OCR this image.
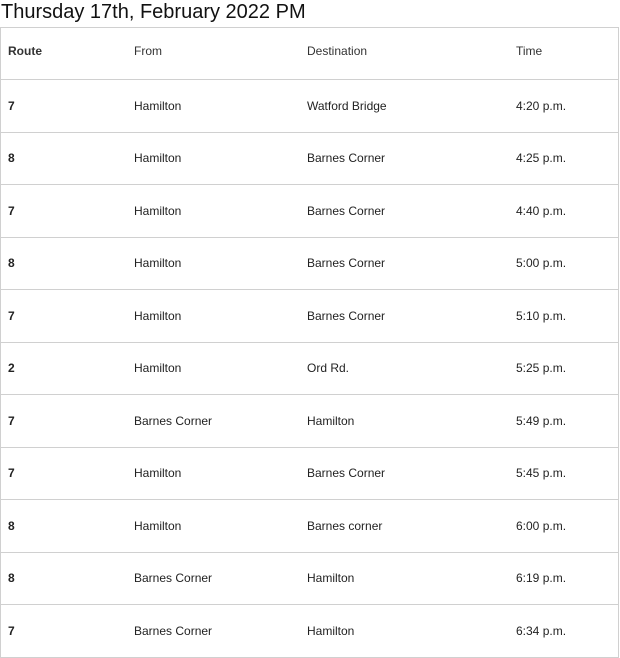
Thursday 17th, February 2022 PM
Route	From	Destination	Time

7	Hamilton	Watford Bridge	4:20 p.m.
8	Hamilton	Barnes Corner	4:25 p.m.
7	Hamilton	Barnes Corner	4:40 p.m.
8	Hamilton	Barnes Corner	5:00 p.m.
7	Hamilton	Barnes Corner	5:10 p.m.
2	Hamilton	Ord Rd.	5:25 p.m.
7	Barnes Corner	Hamilton	5:49 p.m.
7	Hamilton	Barnes Corner	5:45 p.m.
8	Hamilton	Barnes corner	6:00 p.m.
8	Barnes Corner	Hamilton	6:19 p.m.
7	Barnes Corner	Hamilton	6:34 p.m.
